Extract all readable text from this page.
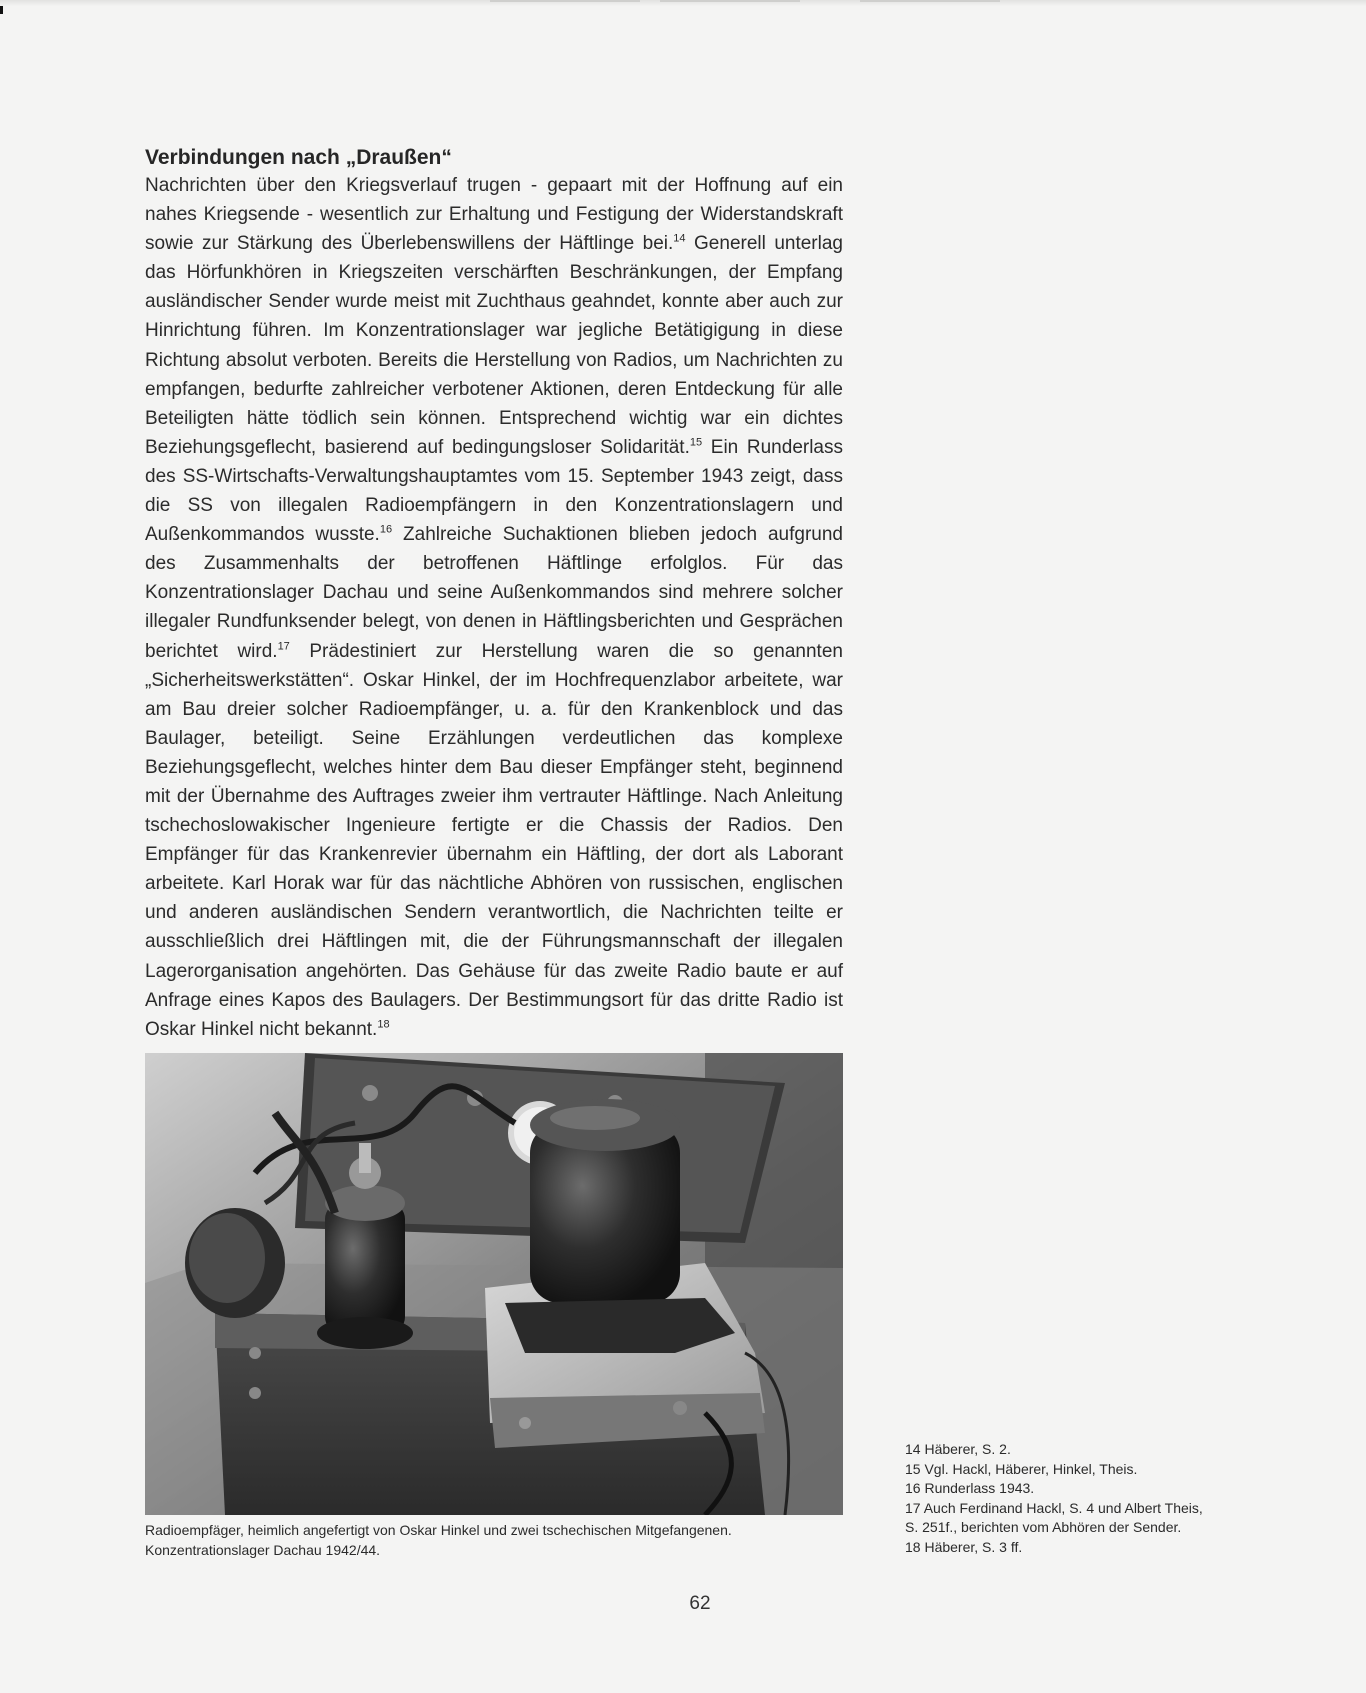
Verbindungen nach „Draußen“

Nachrichten über den Kriegsverlauf trugen - gepaart mit der Hoffnung auf ein nahes Kriegsende - wesentlich zur Erhaltung und Festigung der Widerstandskraft sowie zur Stärkung des Überlebenswillens der Häftlinge bei.$^{14}$ Generell unterlag das Hörfunkhören in Kriegszeiten verschärften Beschränkungen, der Empfang ausländischer Sender wurde meist mit Zuchthaus geahndet, konnte aber auch zur Hinrichtung führen. Im Konzentrationslager war jegliche Betätigigung in diese Richtung absolut verboten. Bereits die Herstellung von Radios, um Nachrichten zu empfangen, bedurfte zahlreicher verbotener Aktionen, deren Entdeckung für alle Beteiligten hätte tödlich sein können. Entsprechend wichtig war ein dichtes Beziehungsgeflecht, basierend auf bedingungsloser Solidarität.$^{15}$ Ein Runderlass des SS-Wirtschafts-Verwaltungshauptamtes vom 15. September 1943 zeigt, dass die SS von illegalen Radioempfängern in den Konzentrationslagern und Außenkommandos wusste.$^{16}$ Zahlreiche Suchaktionen blieben jedoch aufgrund des Zusammenhalts der betroffenen Häftlinge erfolglos. Für das Konzentrationslager Dachau und seine Außenkommandos sind mehrere solcher illegaler Rundfunksender belegt, von denen in Häftlingsberichten und Gesprächen berichtet wird.$^{17}$ Prädestiniert zur Herstellung waren die so genannten „Sicherheitswerkstätten“. Oskar Hinkel, der im Hochfrequenzlabor arbeitete, war am Bau dreier solcher Radioempfänger, u. a. für den Krankenblock und das Baulager, beteiligt. Seine Erzählungen verdeutlichen das komplexe Beziehungsgeflecht, welches hinter dem Bau dieser Empfänger steht, beginnend mit der Übernahme des Auftrages zweier ihm vertrauter Häftlinge. Nach Anleitung tschechoslowakischer Ingenieure fertigte er die Chassis der Radios. Den Empfänger für das Krankenrevier übernahm ein Häftling, der dort als Laborant arbeitete. Karl Horak war für das nächtliche Abhören von russischen, englischen und anderen ausländischen Sendern verantwortlich, die Nachrichten teilte er ausschließlich drei Häftlingen mit, die der Führungsmannschaft der illegalen Lagerorganisation angehörten. Das Gehäuse für das zweite Radio baute er auf Anfrage eines Kapos des Baulagers. Der Bestimmungsort für das dritte Radio ist Oskar Hinkel nicht bekannt.$^{18}$

Radioempfäger, heimlich angefertigt von Oskar Hinkel und zwei tschechischen Mitgefangenen.
Konzentrationslager Dachau 1942/44.
14 Häberer, S. 2.
15 Vgl. Hackl, Häberer, Hinkel, Theis.
16 Runderlass 1943.
17 Auch Ferdinand Hackl, S. 4 und Albert Theis,
S. 251f., berichten vom Abhören der Sender.
18 Häberer, S. 3 ff.
62
